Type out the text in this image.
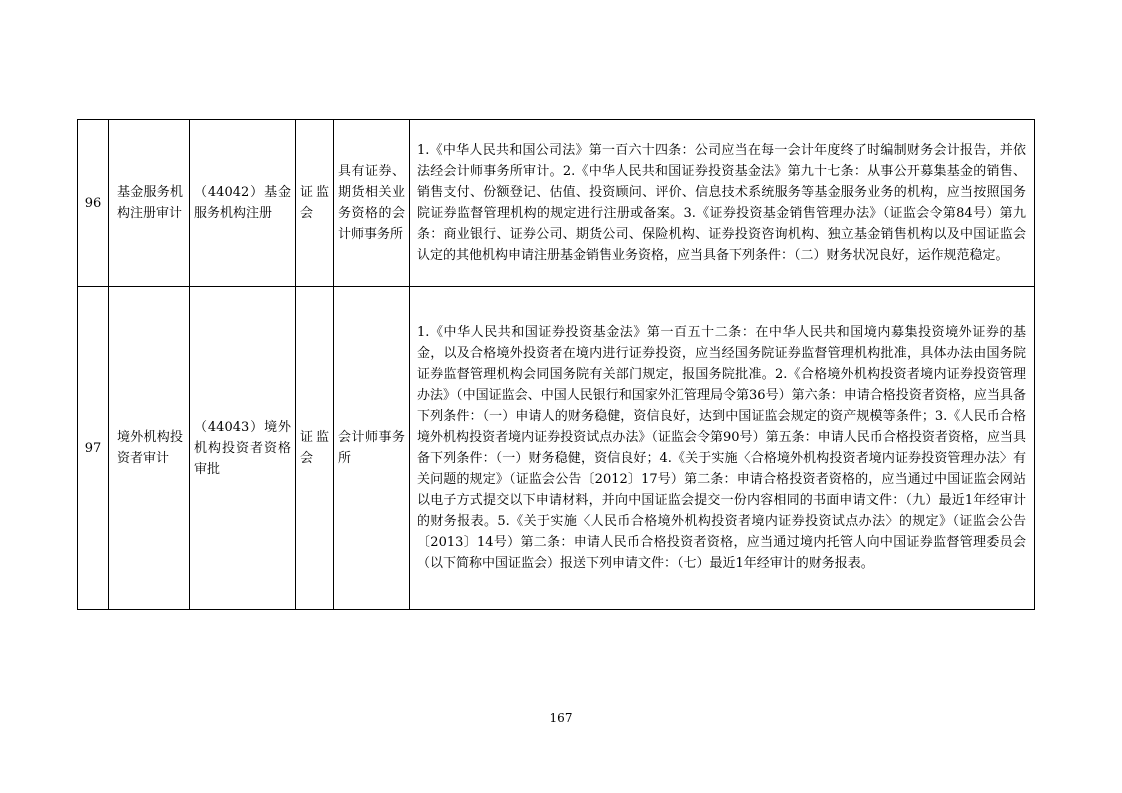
96	基金服务机构注册审计	（44042）基金服务机构注册	证监会	具有证券、期货相关业务资格的会计师事务所	1.《中华人民共和国公司法》第一百六十四条：公司应当在每一会计年度终了时编制财务会计报告，并依法经会计师事务所审计。2.《中华人民共和国证券投资基金法》第九十七条：从事公开募集基金的销售、销售支付、份额登记、估值、投资顾问、评价、信息技术系统服务等基金服务业务的机构，应当按照国务院证券监督管理机构的规定进行注册或备案。3.《证券投资基金销售管理办法》（证监会令第84号）第九条：商业银行、证券公司、期货公司、保险机构、证券投资咨询机构、独立基金销售机构以及中国证监会认定的其他机构申请注册基金销售业务资格，应当具备下列条件：（二）财务状况良好，运作规范稳定。
97	境外机构投资者审计	（44043）境外机构投资者资格审批	证监会	会计师事务所	1.《中华人民共和国证券投资基金法》第一百五十二条：在中华人民共和国境内募集投资境外证券的基金，以及合格境外投资者在境内进行证券投资，应当经国务院证券监督管理机构批准，具体办法由国务院证券监督管理机构会同国务院有关部门规定，报国务院批准。2.《合格境外机构投资者境内证券投资管理办法》（中国证监会、中国人民银行和国家外汇管理局令第36号）第六条：申请合格投资者资格，应当具备下列条件：（一）申请人的财务稳健，资信良好，达到中国证监会规定的资产规模等条件；3.《人民币合格境外机构投资者境内证券投资试点办法》（证监会令第90号）第五条：申请人民币合格投资者资格，应当具备下列条件：（一）财务稳健，资信良好；4.《关于实施〈合格境外机构投资者境内证券投资管理办法〉有关问题的规定》（证监会公告〔2012〕17号）第二条：申请合格投资者资格的，应当通过中国证监会网站以电子方式提交以下申请材料，并向中国证监会提交一份内容相同的书面申请文件：（九）最近1年经审计的财务报表。5.《关于实施〈人民币合格境外机构投资者境内证券投资试点办法〉的规定》（证监会公告〔2013〕14号）第二条：申请人民币合格投资者资格，应当通过境内托管人向中国证券监督管理委员会（以下简称中国证监会）报送下列申请文件：（七）最近1年经审计的财务报表。
167
